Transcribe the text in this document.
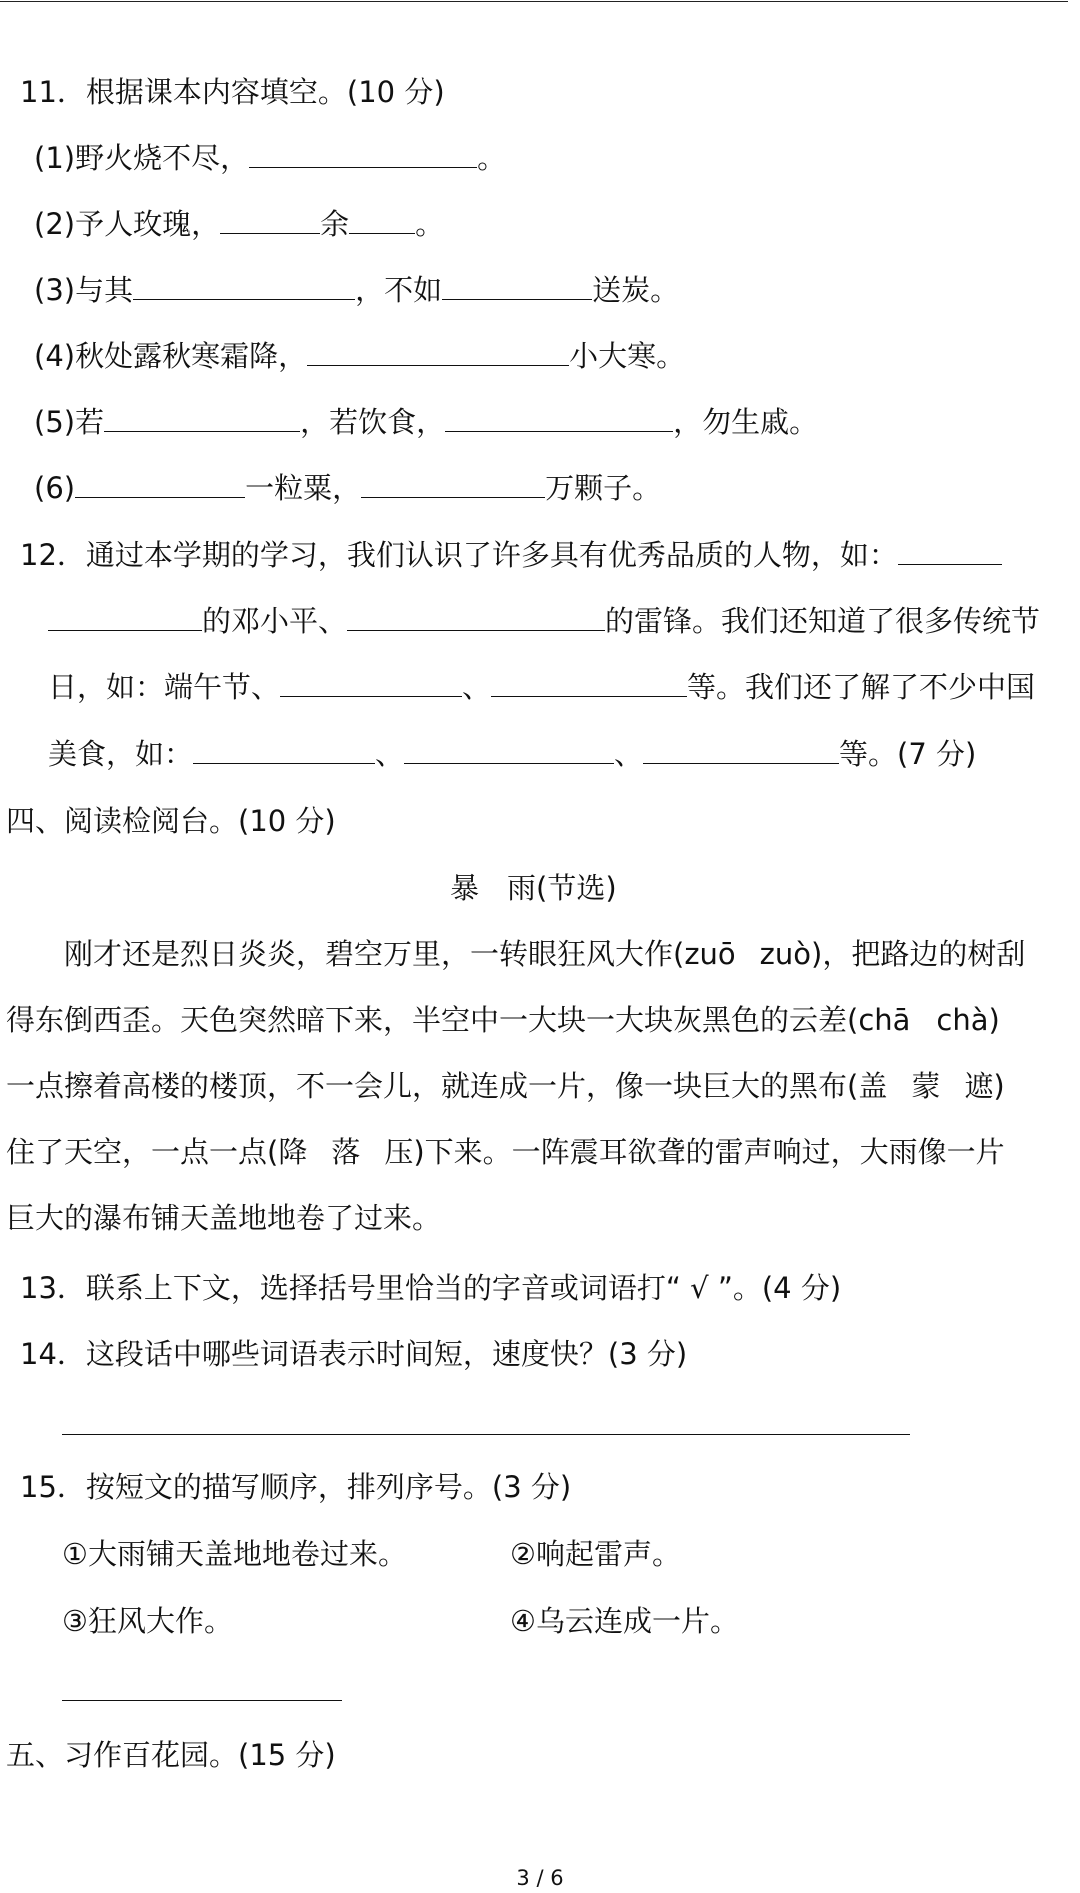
11．根据课本内容填空。(10 分)
(1)野火烧不尽，	。
(2)予人玫瑰，	余 。
(3)与其	，不如	送炭。
(4)秋处露秋寒霜降，	小大寒。
(5)若	，若饮食，	，勿生戚。
(6)	一粒粟，	万颗子。
12．通过本学期的学习，我们认识了许多具有优秀品质的人物，如：
的邓小平、	的雷锋。我们还知道了很多传统节
日，如：端午节、	、	等。我们还了解了不少中国
美食，如：	、	、	等。(7 分)
四、阅读检阅台。(10 分)
暴 雨(节选)
刚才还是烈日炎炎，碧空万里，一转眼狂风大作(zuō zuò)，把路边的树刮
得东倒西歪。天色突然暗下来，半空中一大块一大块灰黑色的云差(chā chà)
一点擦着高楼的楼顶，不一会儿，就连成一片，像一块巨大的黑布(盖 蒙 遮)
住了天空，一点一点(降 落 压)下来。一阵震耳欲聋的雷声响过，大雨像一片
巨大的瀑布铺天盖地地卷了过来。
13．联系上下文，选择括号里恰当的字音或词语打“ √ ”。(4 分)
14．这段话中哪些词语表示时间短，速度快？(3 分)
15．按短文的描写顺序，排列序号。(3 分)
①大雨铺天盖地地卷过来。	②响起雷声。
③狂风大作。	④乌云连成一片。
五、习作百花园。(15 分)
3 / 6
